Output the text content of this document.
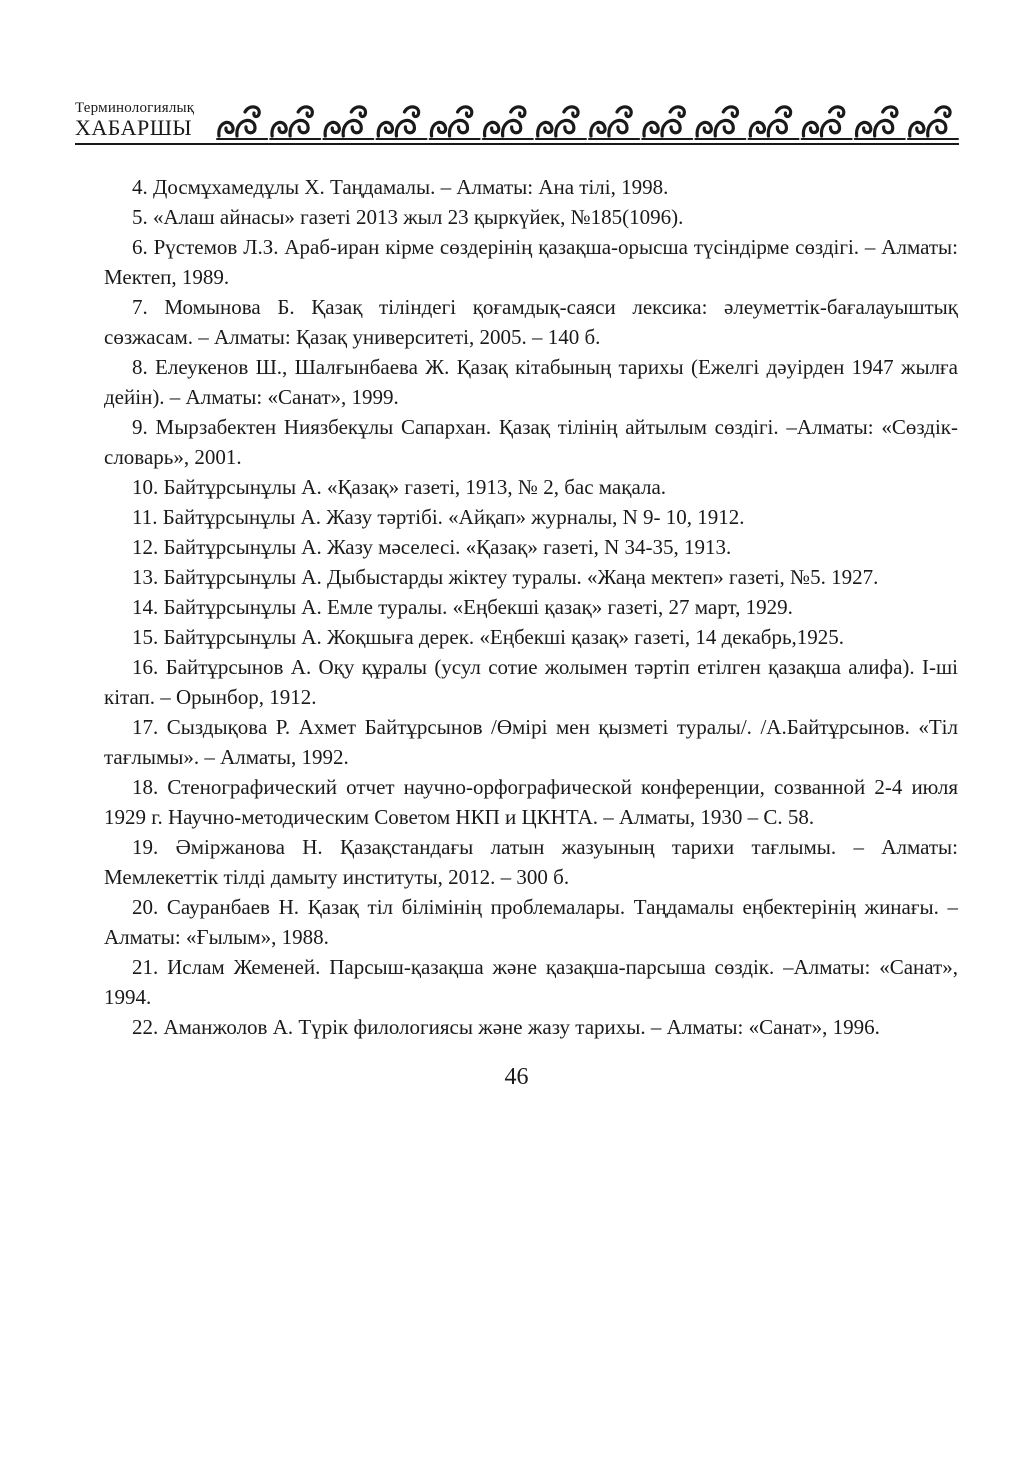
Терминологиялық
ХАБАРШЫ

4. Досмұхамедұлы Х. Таңдамалы. – Алматы: Ана тілі, 1998.

5. «Алаш айнасы» газеті 2013 жыл 23 қыркүйек, №185(1096).

6. Рүстемов Л.З. Араб-иран кірме сөздерінің қазақша-орысша түсіндірме сөздігі. – Алматы: Мектеп, 1989.

7. Момынова Б. Қазақ тіліндегі қоғамдық-саяси лексика: әлеуметтік-бағалауыштық сөзжасам. – Алматы: Қазақ университеті, 2005. – 140 б.

8. Елеукенов Ш., Шалғынбаева Ж. Қазақ кітабының тарихы (Ежелгі дәуірден 1947 жылға дейін). – Алматы: «Санат», 1999.

9. Мырзабектен Ниязбекұлы Сапархан. Қазақ тілінің айтылым сөздігі. –Алматы: «Сөздік-словарь», 2001.

10. Байтұрсынұлы А. «Қазақ» газеті, 1913, № 2, бас мақала.

11. Байтұрсынұлы А. Жазу тәртібі. «Айқап» журналы, N 9- 10, 1912.

12. Байтұрсынұлы А. Жазу мәселесі. «Қазақ» газеті, N 34-35, 1913.

13. Байтұрсынұлы А. Дыбыстарды жіктеу туралы. «Жаңа мектеп» газеті, №5. 1927.

14. Байтұрсынұлы А. Емле туралы. «Еңбекші қазақ» газеті, 27 март, 1929.

15. Байтұрсынұлы А. Жоқшыға дерек. «Еңбекші қазақ» газеті, 14 декабрь,1925.

16. Байтұрсынов А. Оқу құралы (усул сотие жолымен тәртіп етілген қазақша алифа). I-ші кітап. – Орынбор, 1912.

17. Сыздықова Р. Ахмет Байтұрсынов /Өмірі мен қызметі туралы/. /А.Байтұрсынов. «Тіл тағлымы». – Алматы, 1992.

18. Стенографический отчет научно-орфографической конференции, созванной 2-4 июля 1929 г. Научно-методическим Советом НКП и ЦКНТА. – Алматы, 1930 – С. 58.

19. Әміржанова Н. Қазақстандағы латын жазуының тарихи тағлымы. – Алматы: Мемлекеттік тілді дамыту институты, 2012. – 300 б.

20. Сауранбаев Н. Қазақ тіл білімінің проблемалары. Таңдамалы еңбектерінің жинағы. – Алматы: «Ғылым», 1988.

21. Ислам Жеменей. Парсыш-қазақша және қазақша-парсыша сөздік. –Алматы: «Санат», 1994.

22. Аманжолов А. Түрік филологиясы және жазу тарихы. – Алматы: «Санат», 1996.

46
